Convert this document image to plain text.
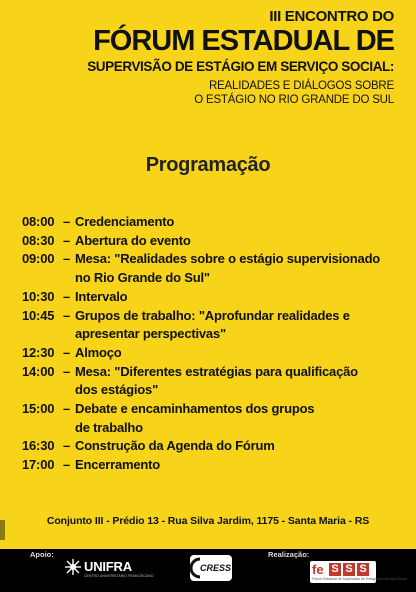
III ENCONTRO DO
FÓRUM ESTADUAL DE
SUPERVISÃO DE ESTÁGIO EM SERVIÇO SOCIAL:
REALIDADES E DIÁLOGOS SOBRE
O ESTÁGIO NO RIO GRANDE DO SUL
Programação
08:00 – Credenciamento
08:30 – Abertura do evento
09:00 – Mesa: "Realidades sobre o estágio supervisionado
no Rio Grande do Sul"
10:30 – Intervalo
10:45 – Grupos de trabalho: "Aprofundar realidades e
apresentar perspectivas"
12:30 – Almoço
14:00 – Mesa: "Diferentes estratégias para qualificação
dos estágios"
15:00 – Debate e encaminhamentos dos grupos
de trabalho
16:30 – Construção da Agenda do Fórum
17:00 – Encerramento
Conjunto III - Prédio 13 - Rua Silva Jardim, 1175 - Santa Maria - RS
Apoio:	Realização:
UNIFRA
CENTRO UNIVERSITÁRIO FRANCISCANO
CRESS	fe S S S
Fórum Estadual de Supervisão de Estágio em Serviço Social
